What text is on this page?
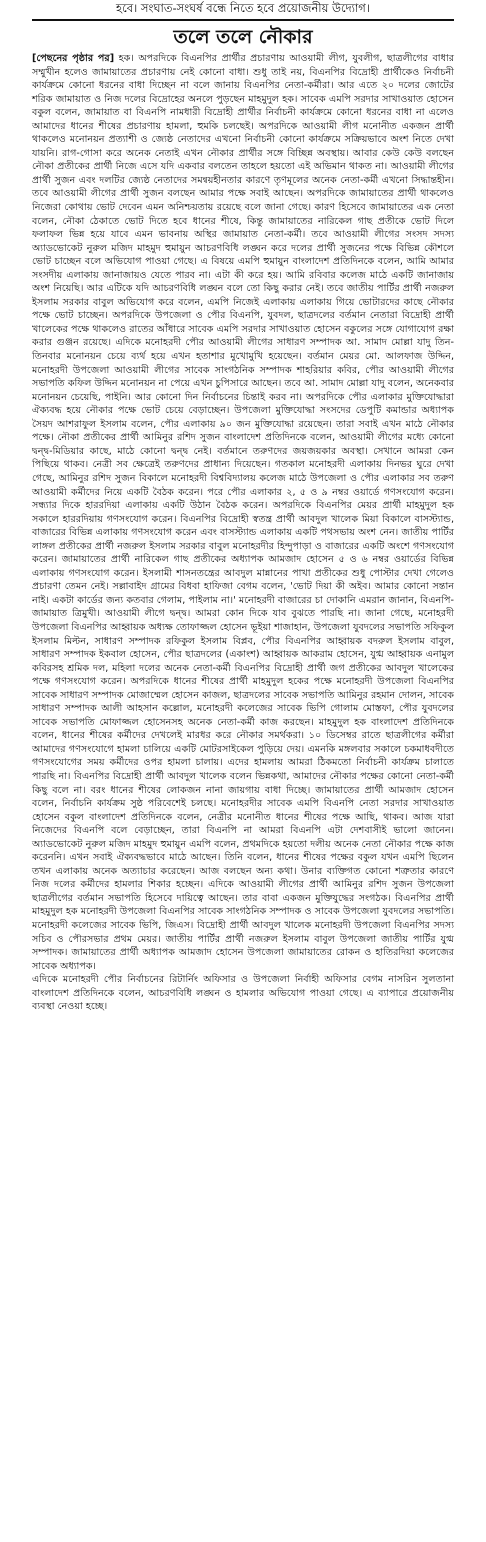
হবে। সংঘাত-সংঘর্ষ বন্ধে নিতে হবে প্রয়োজনীয় উদ্যোগ।
তলে তলে নৌকার

[পেছনের পৃষ্ঠার পর] হক। অপরদিকে বিএনপির প্রার্থীর প্রচারণায় আওয়ামী লীগ, যুবলীগ, ছাত্রলীগের বাধার সম্মুখীন হলেও জামায়াতের প্রচারণায় নেই কোনো বাধা। শুধু তাই নয়, বিএনপির বিদ্রোহী প্রার্থীকেও নির্বাচনী কার্যক্রমে কোনো ধরনের বাধা দিচ্ছেন না বলে জানায় বিএনপির নেতা-কর্মীরা। আর এতে ২০ দলের জোটের শরিক জামায়াত ও নিজ দলের বিদ্রোহের অনলে পুড়ছেন মাহমুদুল হক। সাবেক এমপি সরদার সাখাওয়াত হোসেন বকুল বলেন, জামায়াত বা বিএনপি নামধারী বিদ্রোহী প্রার্থীর নির্বাচনী কার্যক্রমে কোনো ধরনের বাধা না এলেও আমাদের ধানের শীষের প্রচারণায় হামলা, হুমকি চলছেই। অপরদিকে আওয়ামী লীগ মনোনীত একজন প্রার্থী থাকলেও মনোনয়ন প্রত্যাশী ও জ্যেষ্ঠ নেতাদের এখনো নির্বাচনী কোনো কার্যক্রমে সক্রিয়ভাবে অংশ নিতে দেখা যায়নি। রাগ-গোসা করে অনেক নেতাই এখন নৌকার প্রার্থীর সঙ্গে বিচ্ছিন্ন অবস্থায়। আবার কেউ কেউ বলছেন নৌকা প্রতীকের প্রার্থী নিজে এসে যদি একবার বলতেন তাহলে হয়তো এই অভিমান থাকত না। আওয়ামী লীগের প্রার্থী সুজন এবং দলটির জ্যেষ্ঠ নেতাদের সমন্বয়হীনতার কারণে তৃণমূলের অনেক নেতা-কর্মী এখনো সিদ্ধান্তহীন। তবে আওয়ামী লীগের প্রার্থী সুজন বলছেন আমার পক্ষে সবাই আছেন। অপরদিকে জামায়াতের প্রার্থী থাকলেও নিজেরা কোথায় ভোট দেবেন এমন অনিশ্চয়তায় রয়েছে বলে জানা গেছে। কারণ হিসেবে জামায়াতের এক নেতা বলেন, নৌকা ঠেকাতে ভোট দিতে হবে ধানের শীষে, কিন্তু জামায়াতের নারিকেল গাছ প্রতীকে ভোট দিলে ফলাফল ভিন্ন হয়ে যাবে এমন ভাবনায় অস্থির জামায়াত নেতা-কর্মী। তবে আওয়ামী লীগের সংসদ সদস্য অ্যাডভোকেট নুরুল মজিদ মাহমুদ হুমায়ুন আচরণবিধি লঙ্ঘন করে দলের প্রার্থী সুজনের পক্ষে বিভিন্ন কৌশলে ভোট চাচ্ছেন বলে অভিযোগ পাওয়া গেছে। এ বিষয়ে এমপি হুমায়ুন বাংলাদেশ প্রতিদিনকে বলেন, আমি আমার সংসদীয় এলাকায় জানাজায়ও যেতে পারব না। এটা কী করে হয়। আমি রবিবার কলেজ মাঠে একটি জানাজায় অংশ নিয়েছি। আর এটিকে যদি আচরণবিধি লঙ্ঘন বলে তো কিছু করার নেই। তবে জাতীয় পার্টির প্রার্থী নজরুল ইসলাম সরকার বাবুল অভিযোগ করে বলেন, এমপি নিজেই এলাকায় এলাকায় গিয়ে ভোটারদের কাছে নৌকার পক্ষে ভোট চাচ্ছেন। অপরদিকে উপজেলা ও পৌর বিএনপি, যুবদল, ছাত্রদলের বর্তমান নেতারা বিদ্রোহী প্রার্থী খালেকের পক্ষে থাকলেও রাতের আঁধারে সাবেক এমপি সরদার সাখাওয়াত হোসেন বকুলের সঙ্গে যোগাযোগ রক্ষা করার গুঞ্জন রয়েছে। এদিকে মনোহরদী পৌর আওয়ামী লীগের সাধারণ সম্পাদক আ. সামাদ মোল্লা যাদু তিন-তিনবার মনোনয়ন চেয়ে ব্যর্থ হয়ে এখন হতাশার মুখোমুখি হয়েছেন। বর্তমান মেয়র মো. আলফাজ উদ্দিন, মনোহরদী উপজেলা আওয়ামী লীগের সাবেক সাংগঠনিক সম্পাদক শাহরিয়ার কবির, পৌর আওয়ামী লীগের সভাপতি কফিল উদ্দিন মনোনয়ন না পেয়ে এখন চুপিসারে আছেন। তবে আ. সামাদ মোল্লা যাদু বলেন, অনেকবার মনোনয়ন চেয়েছি, পাইনি। আর কোনো দিন নির্বাচনের চিন্তাই করব না। অপরদিকে পৌর এলাকার মুক্তিযোদ্ধারা ঐক্যবদ্ধ হয়ে নৌকার পক্ষে ভোট চেয়ে বেড়াচ্ছেন। উপজেলা মুক্তিযোদ্ধা সংসদের ডেপুটি কমান্ডার অধ্যাপক সৈয়দ আশরাফুল ইসলাম বলেন, পৌর এলাকায় ৯০ জন মুক্তিযোদ্ধা রয়েছেন। তারা সবাই এখন মাঠে নৌকার পক্ষে। নৌকা প্রতীকের প্রার্থী আমিনুর রশিদ সুজন বাংলাদেশ প্রতিদিনকে বলেন, আওয়ামী লীগের মধ্যে কোনো দ্বন্দ্ব-মিডিয়ার কাছে, মাঠে কোনো দ্বন্দ্ব নেই। বর্তমানে তরুণদের জয়জয়কার অবস্থা। সেখানে আমরা কেন পিছিয়ে থাকব। নেত্রী সব ক্ষেত্রেই তরুণদের প্রাধান্য দিয়েছেন। গতকাল মনোহরদী এলাকায় দিনভর ঘুরে দেখা গেছে, আমিনুর রশিদ সুজন বিকালে মনোহরদী বিশ্ববিদ্যালয় কলেজ মাঠে উপজেলা ও পৌর এলাকার সব তরুণ আওয়ামী কর্মীদের নিয়ে একটি বৈঠক করেন। পরে পৌর এলাকার ২, ৫ ও ৯ নম্বর ওয়ার্ডে গণসংযোগ করেন। সন্ধ্যার দিকে হাররদিয়া এলাকায় একটি উঠান বৈঠক করেন। অপরদিকে বিএনপির মেয়র প্রার্থী মাহমুদুল হক সকালে হাররদিয়ায় গণসংযোগ করেন। বিএনপির বিদ্রোহী স্বতন্ত্র প্রার্থী আবদুল খালেক মিয়া বিকালে বাসস্ট্যান্ড, বাজারের বিভিন্ন এলাকায় গণসংযোগ করেন এবং বাসস্ট্যান্ড এলাকায় একটি পথসভায় অংশ নেন। জাতীয় পার্টির লাঙ্গল প্রতীকের প্রার্থী নজরুল ইসলাম সরকার বাবুল মনোহরদীর হিন্দুপাড়া ও বাজারের একটি অংশে গণসংযোগ করেন। জামায়াতের প্রার্থী নারিকেল গাছ প্রতীকের অধ্যাপক আমজাদ হোসেন ৫ ও ৬ নম্বর ওয়ার্ডের বিভিন্ন এলাকায় গণসংযোগ করেন। ইসলামী শাসনতন্ত্রের আবদুল মান্নানের পাখা প্রতীকের শুধু পোস্টার দেখা গেলেও প্রচারণা তেমন নেই। সল্লাবাইদ গ্রামের বিধবা হাফিজা বেগম বলেন, 'ভোট দিয়া কী অইব। আমার কোনো সন্তান নাই। একটা কার্ডের জন্য কতবার গেলাম, পাইলাম না।' মনোহরদী বাজারের চা দোকানি এমরান জানান, বিএনপি-জামায়াত ত্রিমুখী। আওয়ামী লীগে দ্বন্দ্ব। আমরা কোন দিকে যাব বুঝতে পারছি না। জানা গেছে, মনোহরদী উপজেলা বিএনপির আহ্বায়ক অধ্যক্ষ তোফাজ্জল হোসেন ভূইয়া শাজাহান, উপজেলা যুবদলের সভাপতি সফিকুল ইসলাম মিল্টন, সাধারণ সম্পাদক রফিকুল ইসলাম বিপ্লব, পৌর বিএনপির আহ্বায়ক বদরুল ইসলাম বাবুল, সাধারণ সম্পাদক ইকবাল হোসেন, পৌর ছাত্রদলের (একাংশ) আহ্বায়ক আকরাম হোসেন, যুগ্ম আহ্বায়ক এনামুল কবিরসহ শ্রমিক দল, মহিলা দলের অনেক নেতা-কর্মী বিএনপির বিদ্রোহী প্রার্থী জগ প্রতীকের আবদুল খালেকের পক্ষে গণসংযোগ করেন। অপরদিকে ধানের শীষের প্রার্থী মাহমুদুল হকের পক্ষে মনোহরদী উপজেলা বিএনপির সাবেক সাধারণ সম্পাদক মোজাম্মেল হোসেন কাজল, ছাত্রদলের সাবেক সভাপতি আমিনুর রহমান দোলন, সাবেক সাধারণ সম্পাদক আলী আহসান কল্লোল, মনোহরদী কলেজের সাবেক ভিপি গোলাম মোস্তফা, পৌর যুবদলের সাবেক সভাপতি মোফাজ্জল হোসেনসহ অনেক নেতা-কর্মী কাজ করছেন। মাহমুদুল হক বাংলাদেশ প্রতিদিনকে বলেন, ধানের শীষের কর্মীদের দেখলেই মারধর করে নৌকার সমর্থকরা। ১০ ডিসেম্বর রাতে ছাত্রলীগের কর্মীরা আমাদের গণসংযোগে হামলা চালিয়ে একটি মোটরসাইকেল পুড়িয়ে দেয়। এমনকি মঙ্গলবার সকালে চকমাধবদীতে গণসংযোগের সময় কর্মীদের ওপর হামলা চালায়। এদের হামলায় আমরা ঠিকমতো নির্বাচনী কার্যক্রম চালাতে পারছি না। বিএনপির বিদ্রোহী প্রার্থী আবদুল খালেক বলেন ভিন্নকথা, আমাদের নৌকার পক্ষের কোনো নেতা-কর্মী কিছু বলে না। বরং ধানের শীষের লোকজন নানা জায়গায় বাধা দিচ্ছে। জামায়াতের প্রার্থী আমজাদ হোসেন বলেন, নির্বাচনি কার্যক্রম সুষ্ঠ পরিবেশেই চলছে। মনোহরদীর সাবেক এমপি বিএনপি নেতা সরদার সাখাওয়াত হোসেন বকুল বাংলাদেশ প্রতিদিনকে বলেন, নেত্রীর মনোনীত ধানের শীষের পক্ষে আছি, থাকব। আজ যারা নিজেদের বিএনপি বলে বেড়াচ্ছেন, তারা বিএনপি না আমরা বিএনপি এটা দেশবাসীই ভালো জানেন। অ্যাডভোকেট নুরুল মজিদ মাহমুদ হুমায়ুন এমপি বলেন, প্রথমদিকে হয়তো দলীয় অনেক নেতা নৌকার পক্ষে কাজ করেননি। এখন সবাই ঐক্যবদ্ধভাবে মাঠে আছেন। তিনি বলেন, ধানের শীষের পক্ষের বকুল যখন এমপি ছিলেন তখন এলাকায় অনেক অত্যাচার করেছেন। আজ বলছেন অন্য কথা। উনার ব্যক্তিগত কোনো শত্রুতার কারণে নিজ দলের কর্মীদের হামলার শিকার হচ্ছেন। এদিকে আওয়ামী লীগের প্রার্থী আমিনুর রশিদ সুজন উপজেলা ছাত্রলীগের বর্তমান সভাপতি হিসেবে দায়িত্বে আছেন। তার বাবা একজন মুক্তিযুদ্ধের সংগঠক। বিএনপির প্রার্থী মাহমুদুল হক মনোহরদী উপজেলা বিএনপির সাবেক সাংগঠনিক সম্পাদক ও সাবেক উপজেলা যুবদলের সভাপতি। মনোহরদী কলেজের সাবেক ভিপি, জিএস। বিদ্রোহী প্রার্থী আবদুল খালেক মনোহরদী উপজেলা বিএনপির সদস্য সচিব ও পৌরসভার প্রথম মেয়র। জাতীয় পার্টির প্রার্থী নজরুল ইসলাম বাবুল উপজেলা জাতীয় পার্টির যুগ্ম সম্পাদক। জামায়াতের প্রার্থী অধ্যাপক আমজাদ হোসেন উপজেলা জামায়াতের রোকন ও হাতিরদিয়া কলেজের সাবেক অধ্যাপক।

এদিকে মনোহরদী পৌর নির্বাচনের রিটার্নিং অফিসার ও উপজেলা নির্বাহী অফিসার বেগম নাসরিন সুলতানা বাংলাদেশ প্রতিদিনকে বলেন, আচরণবিধি লঙ্ঘন ও হামলার অভিযোগ পাওয়া গেছে। এ ব্যাপারে প্রয়োজনীয় ব্যবস্থা নেওয়া হচ্ছে।
